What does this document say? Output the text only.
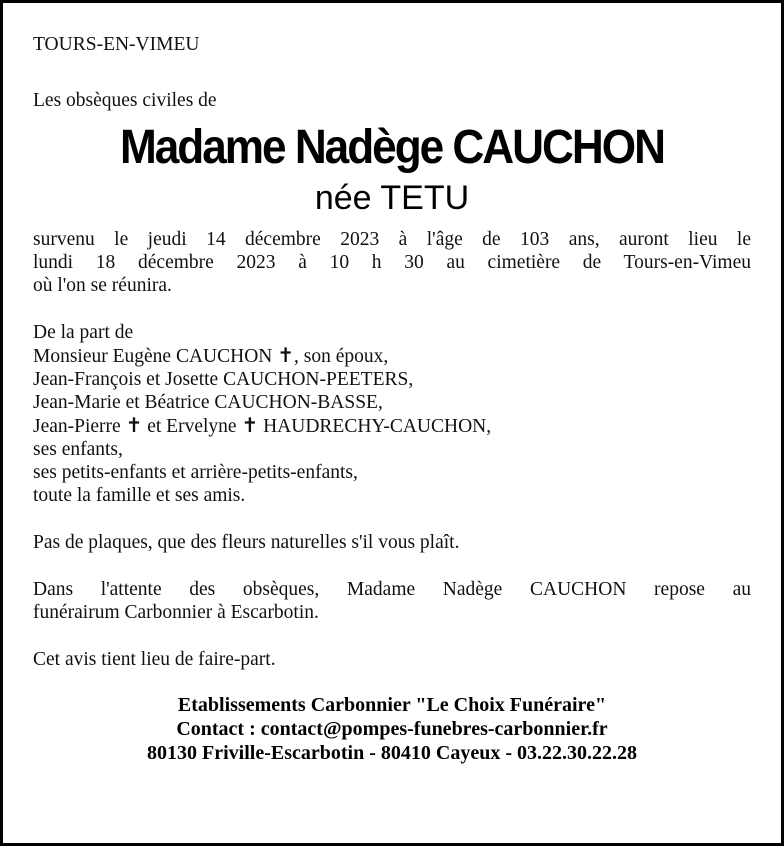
TOURS-EN-VIMEU
Les obsèques civiles de
Madame Nadège CAUCHON
née TETU
survenu le jeudi 14 décembre 2023 à l'âge de 103 ans, auront lieu le
lundi 18 décembre 2023 à 10 h 30 au cimetière de Tours-en-Vimeu
où l'on se réunira.
De la part de
Monsieur Eugène CAUCHON ✝, son époux,
Jean-François et Josette CAUCHON-PEETERS,
Jean-Marie et Béatrice CAUCHON-BASSE,
Jean-Pierre ✝ et Ervelyne ✝ HAUDRECHY-CAUCHON,
ses enfants,
ses petits-enfants et arrière-petits-enfants,
toute la famille et ses amis.
Pas de plaques, que des fleurs naturelles s'il vous plaît.
Dans l'attente des obsèques, Madame Nadège CAUCHON repose au
funérairum Carbonnier à Escarbotin.
Cet avis tient lieu de faire-part.
Etablissements Carbonnier "Le Choix Funéraire"
Contact : contact@pompes-funebres-carbonnier.fr
80130 Friville-Escarbotin - 80410 Cayeux - 03.22.30.22.28
